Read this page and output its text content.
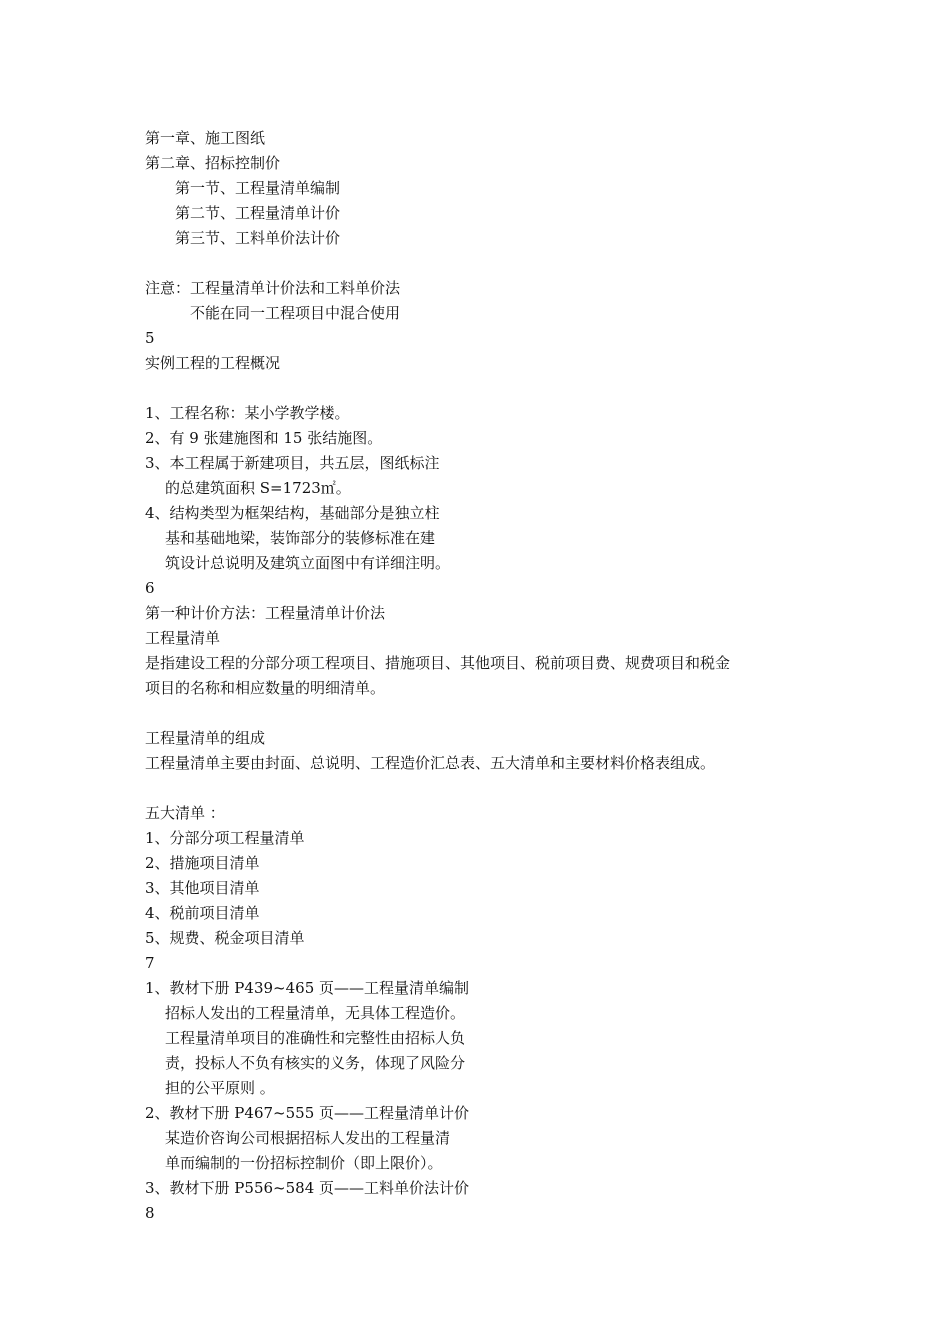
第一章、施工图纸
第二章、招标控制价
第一节、工程量清单编制
第二节、工程量清单计价
第三节、工料单价法计价
注意：工程量清单计价法和工料单价法
不能在同一工程项目中混合使用
5
实例工程的工程概况
1、工程名称：某小学教学楼。
2、有 9 张建施图和 15 张结施图。
3、本工程属于新建项目，共五层，图纸标注
的总建筑面积 S=1723㎡。
4、结构类型为框架结构，基础部分是独立柱
基和基础地梁，装饰部分的装修标准在建
筑设计总说明及建筑立面图中有详细注明。
6
第一种计价方法：工程量清单计价法
工程量清单
是指建设工程的分部分项工程项目、措施项目、其他项目、税前项目费、规费项目和税金
项目的名称和相应数量的明细清单。
工程量清单的组成
工程量清单主要由封面、总说明、工程造价汇总表、五大清单和主要材料价格表组成。
五大清单 ：
1、分部分项工程量清单
2、措施项目清单
3、其他项目清单
4、税前项目清单
5、规费、税金项目清单
7
1、教材下册 P439~465 页——工程量清单编制
招标人发出的工程量清单，无具体工程造价。
工程量清单项目的准确性和完整性由招标人负
责，投标人不负有核实的义务，体现了风险分
担的公平原则 。
2、教材下册 P467~555 页——工程量清单计价
某造价咨询公司根据招标人发出的工程量清
单而编制的一份招标控制价（即上限价）。
3、教材下册 P556~584 页——工料单价法计价
8
